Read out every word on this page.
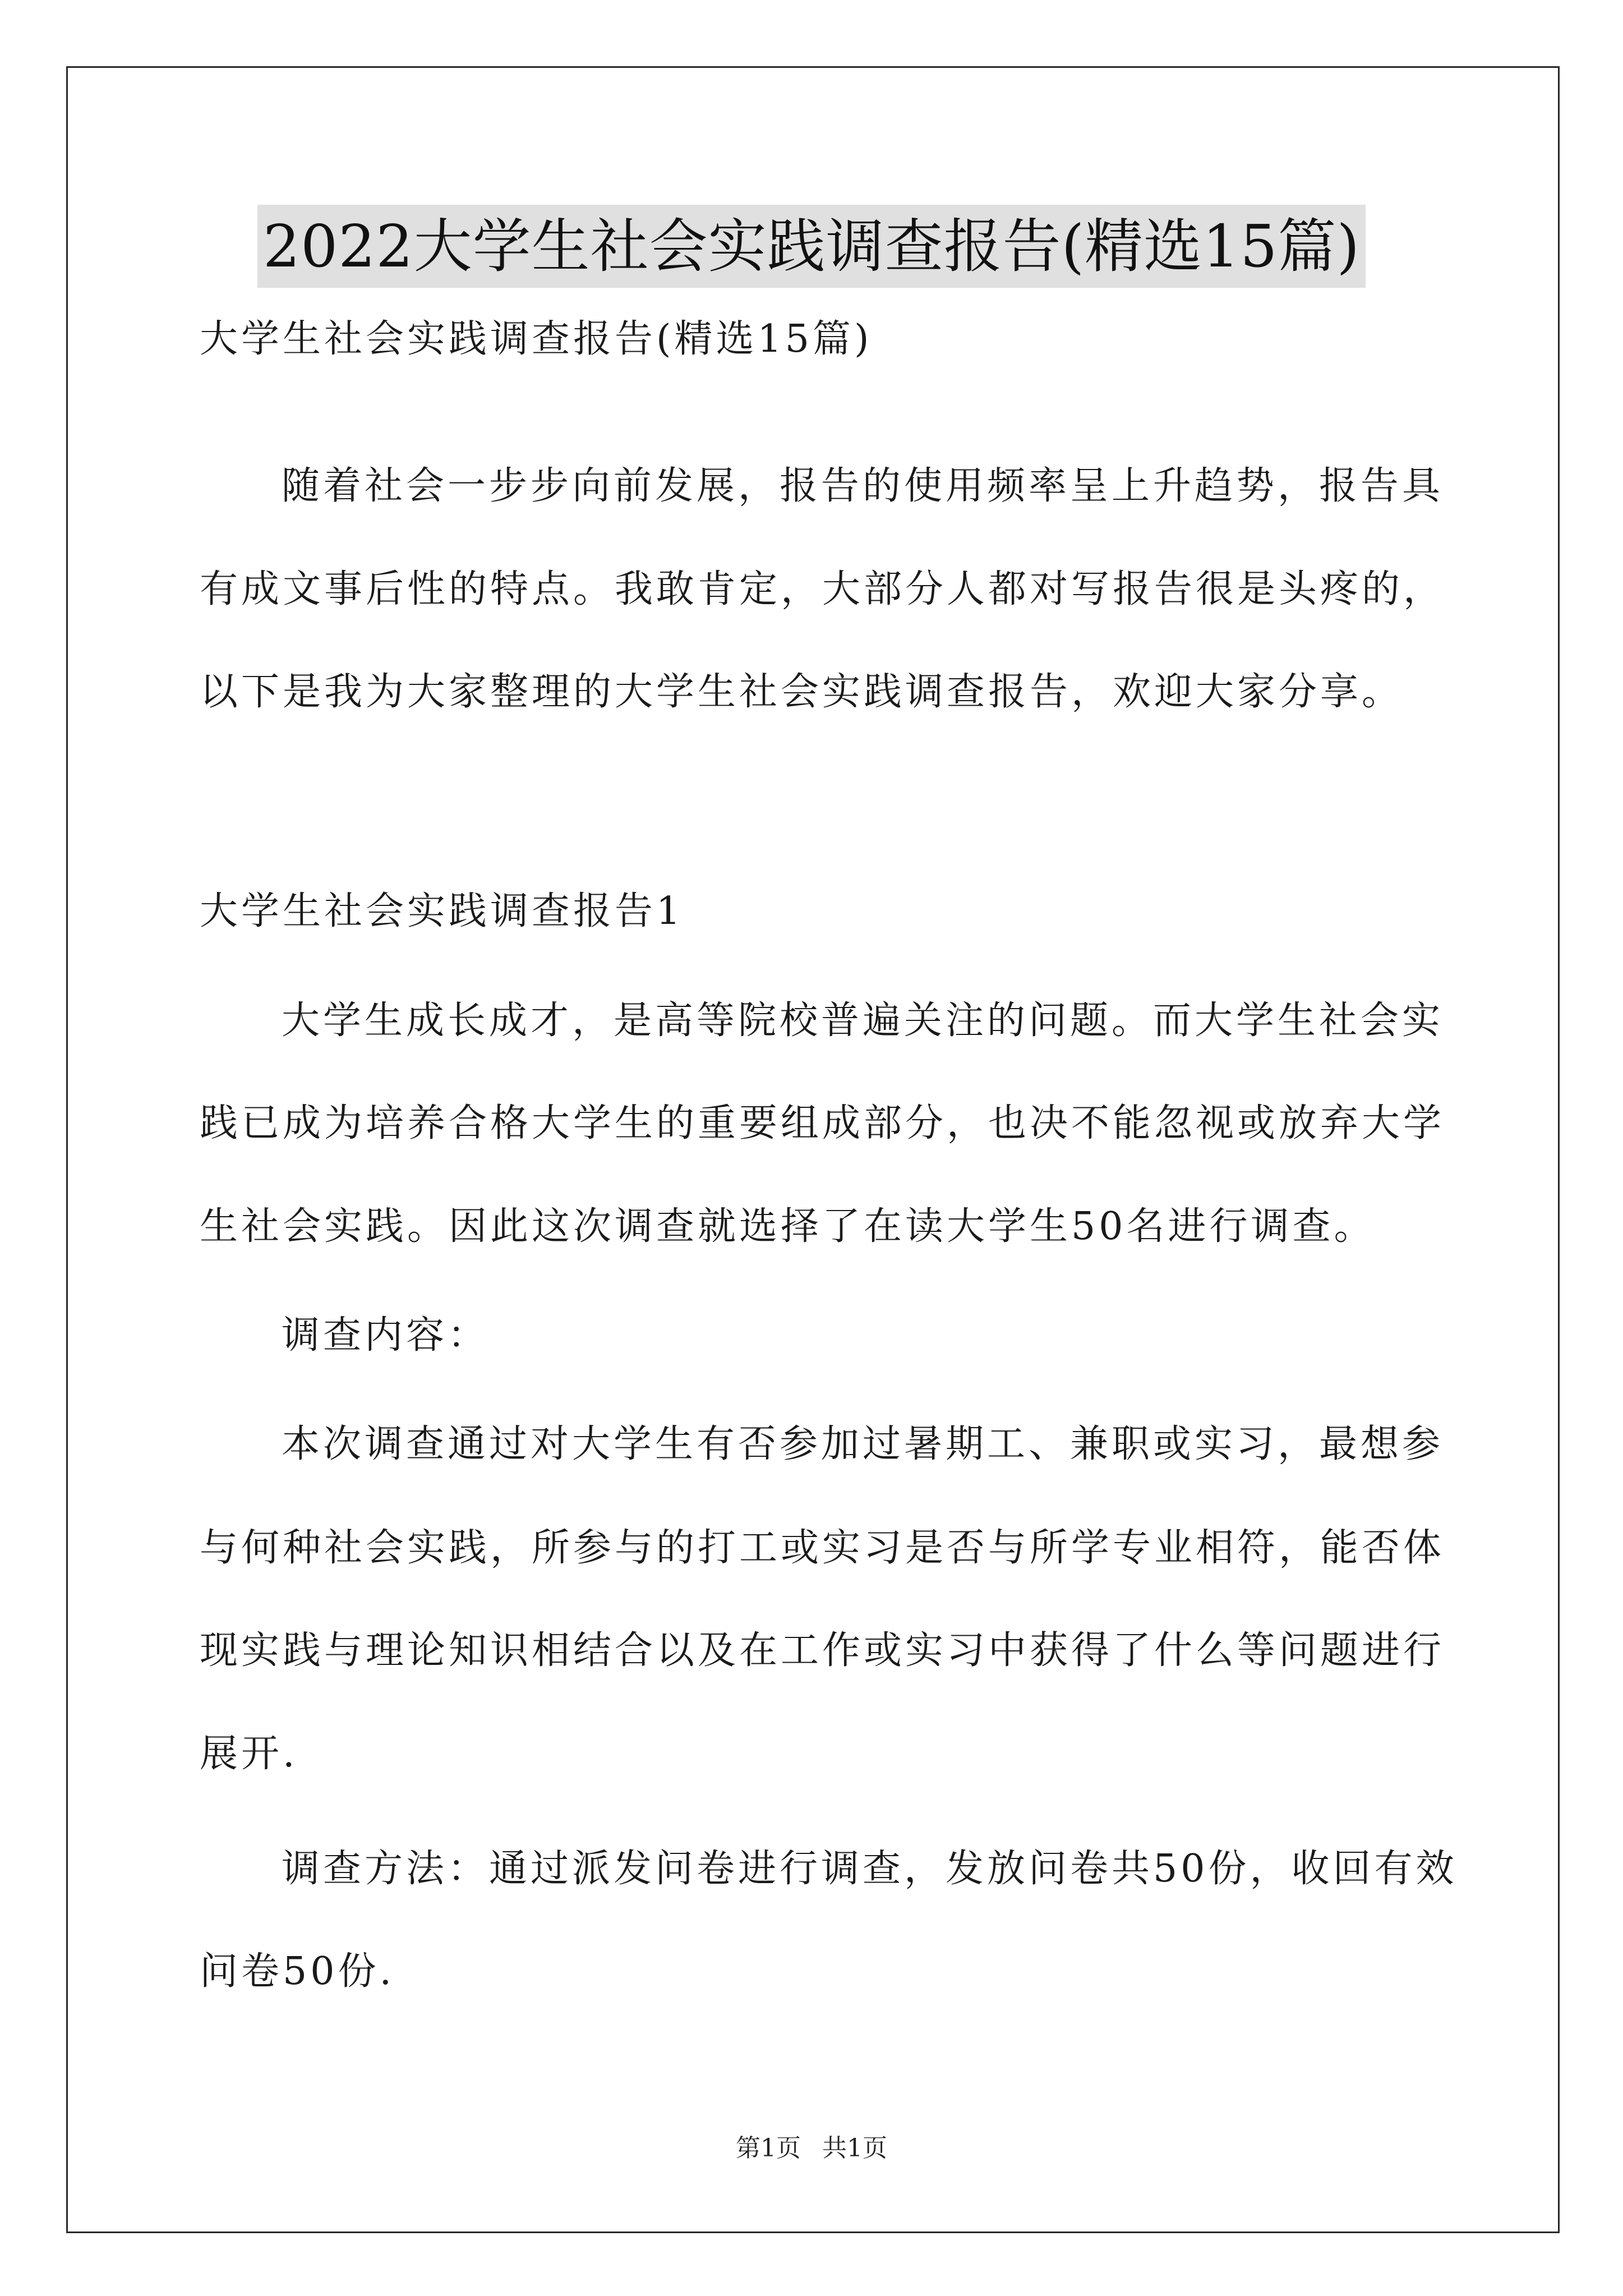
2022大学生社会实践调查报告(精选15篇)
大学生社会实践调查报告(精选15篇)
随着社会一步步向前发展，报告的使用频率呈上升趋势，报告具
有成文事后性的特点。我敢肯定，大部分人都对写报告很是头疼的，
以下是我为大家整理的大学生社会实践调查报告，欢迎大家分享。
大学生社会实践调查报告1
大学生成长成才，是高等院校普遍关注的问题。而大学生社会实
践已成为培养合格大学生的重要组成部分，也决不能忽视或放弃大学
生社会实践。因此这次调查就选择了在读大学生50名进行调查。
调查内容：
本次调查通过对大学生有否参加过暑期工、兼职或实习，最想参
与何种社会实践，所参与的打工或实习是否与所学专业相符，能否体
现实践与理论知识相结合以及在工作或实习中获得了什么等问题进行
展开.
调查方法：通过派发问卷进行调查，发放问卷共50份，收回有效
问卷50份.
第1页 共1页
